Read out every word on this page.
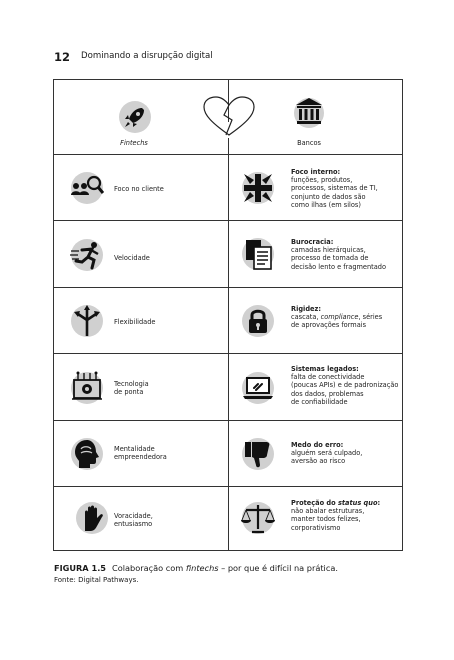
12 Dominando a disrupção digital
Fintechs	Bancos
Foco no cliente
Foco interno:
funções, produtos,
processos, sistemas de TI,
conjunto de dados são
como ilhas (em silos)
Velocidade
Burocracia:
camadas hierárquicas,
processo de tomada de
decisão lento e fragmentado
Flexibilidade
Rigidez:
cascata, compliance, séries
de aprovações formais
Tecnologia
de ponta
Sistemas legados:
falta de conectividade
(poucas APIs) e de padronização
dos dados, problemas
de confiabilidade
Mentalidade
empreendedora
Medo do erro:
alguém será culpado,
aversão ao risco
Voracidade,
entusiasmo
Proteção do status quo:
não abalar estruturas,
manter todos felizes,
corporativismo
FIGURA 1.5 Colaboração com fintechs – por que é difícil na prática.
Fonte: Digital Pathways.
